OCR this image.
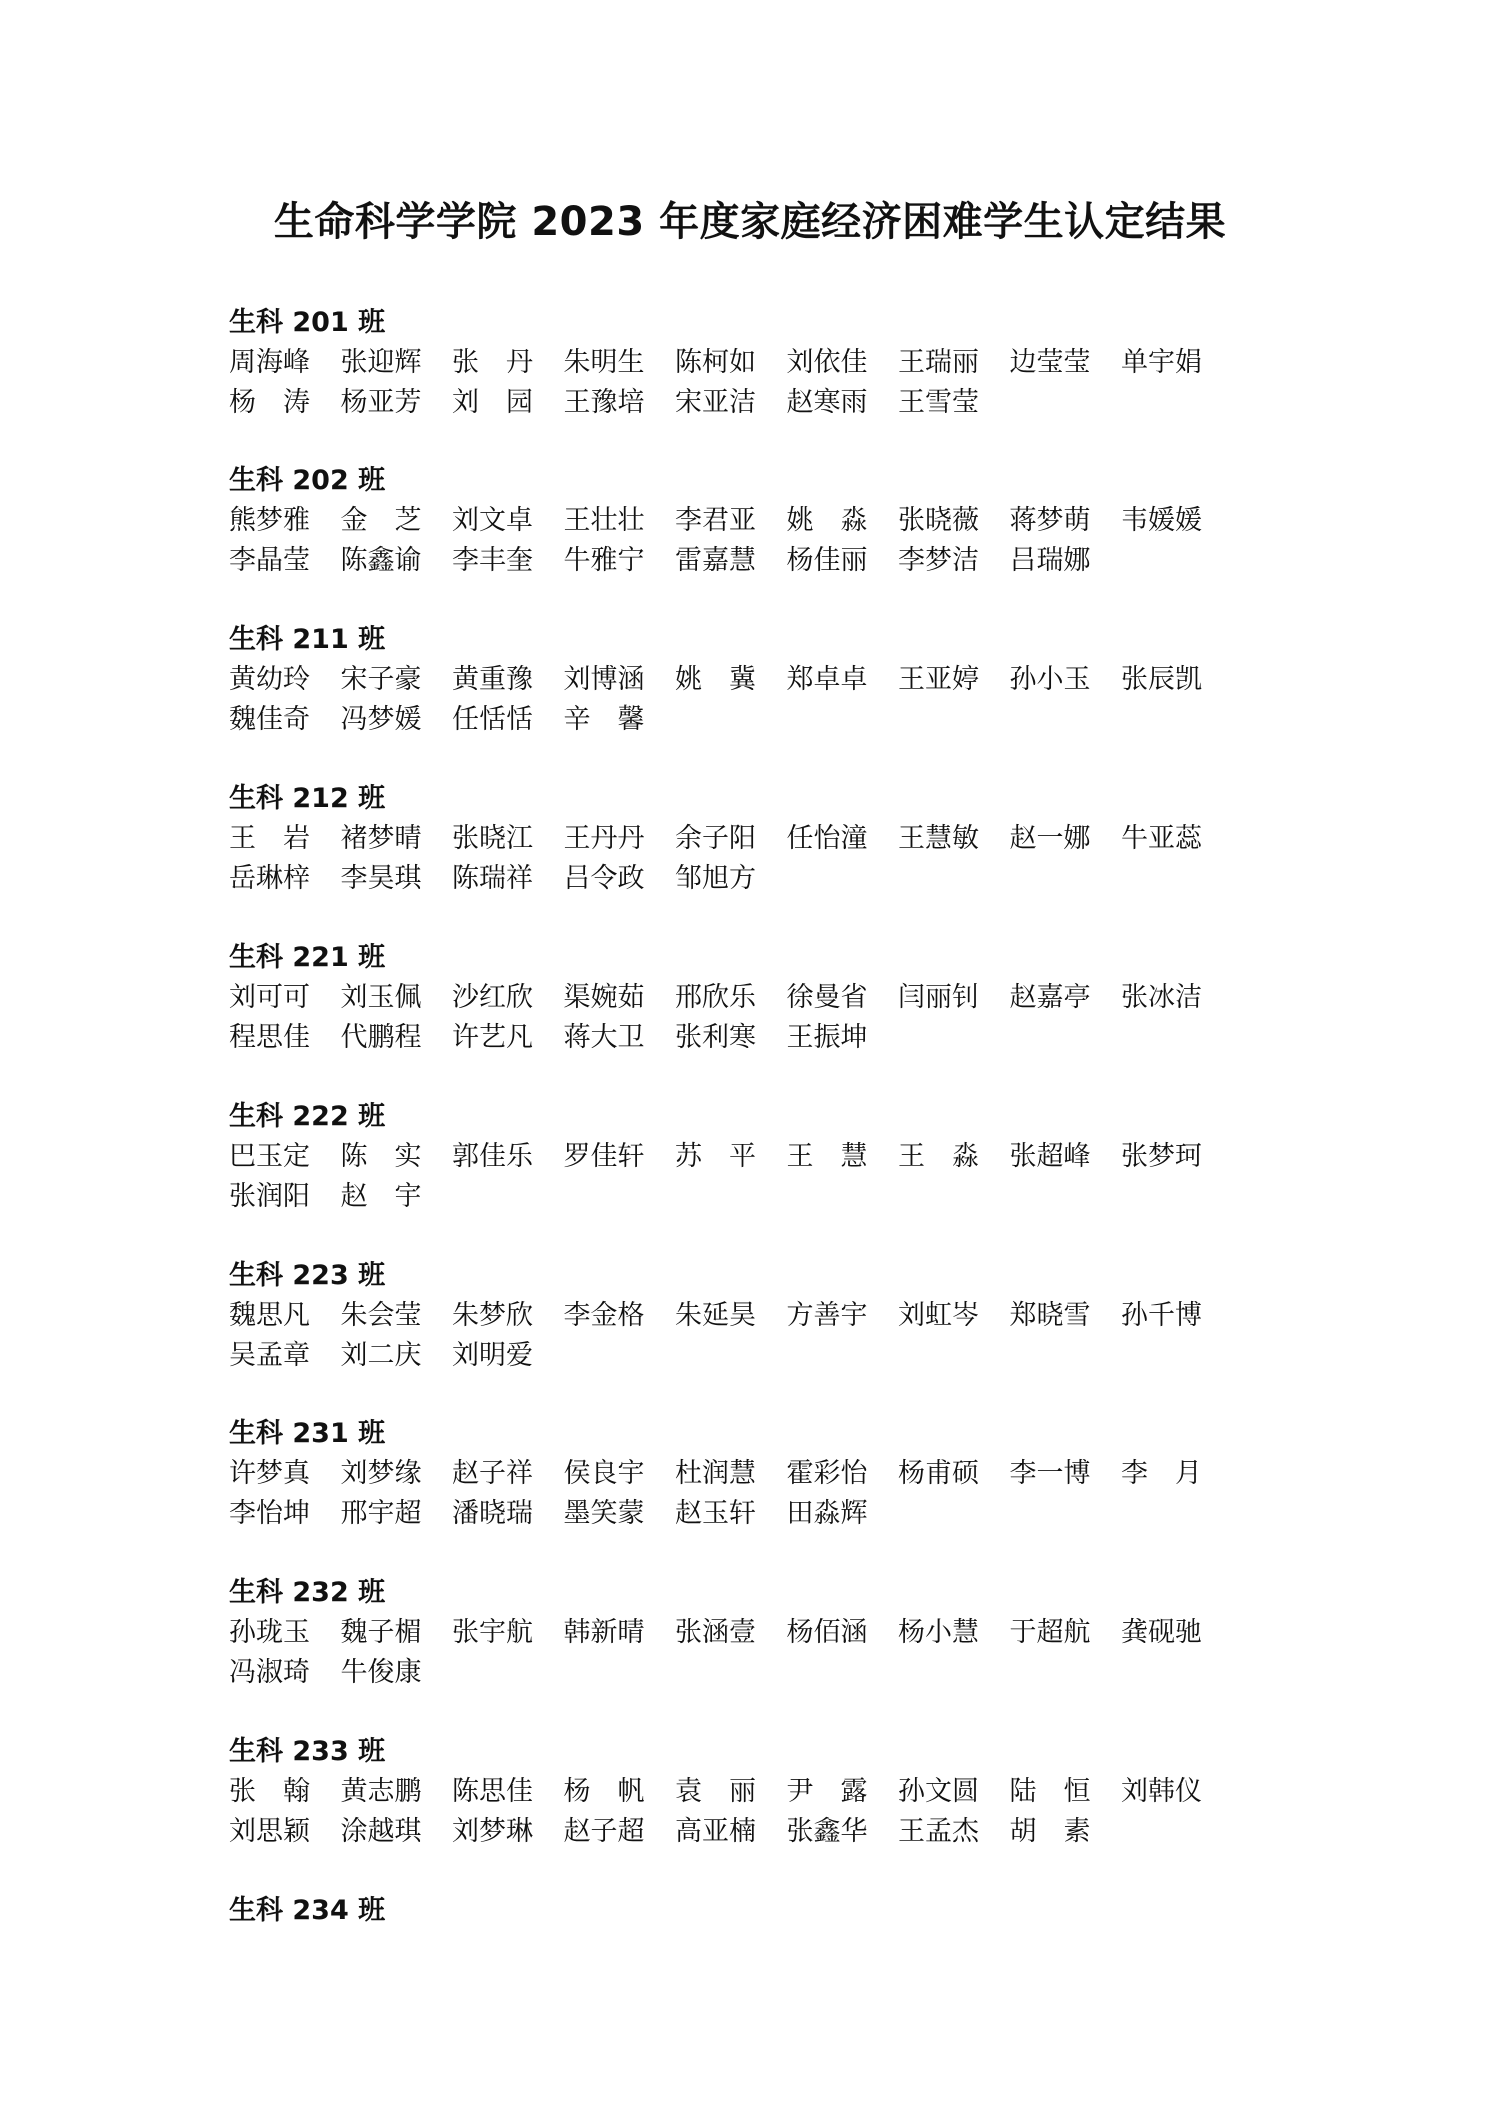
生命科学学院 2023 年度家庭经济困难学生认定结果
生科 201 班
周海峰 张迎辉 张　丹 朱明生 陈柯如 刘依佳 王瑞丽 边莹莹 单宇娟
杨　涛 杨亚芳 刘　园 王豫培 宋亚洁 赵寒雨 王雪莹
生科 202 班
熊梦雅 金　芝 刘文卓 王壮壮 李君亚 姚　淼 张晓薇 蒋梦萌 韦媛媛
李晶莹 陈鑫谕 李丰奎 牛雅宁 雷嘉慧 杨佳丽 李梦洁 吕瑞娜
生科 211 班
黄幼玲 宋子豪 黄重豫 刘博涵 姚　冀 郑卓卓 王亚婷 孙小玉 张辰凯
魏佳奇 冯梦媛 任恬恬 辛　馨
生科 212 班
王　岩 褚梦晴 张晓江 王丹丹 余子阳 任怡潼 王慧敏 赵一娜 牛亚蕊
岳琳梓 李昊琪 陈瑞祥 吕令政 邹旭方
生科 221 班
刘可可 刘玉佩 沙红欣 渠婉茹 邢欣乐 徐曼省 闫丽钊 赵嘉亭 张冰洁
程思佳 代鹏程 许艺凡 蒋大卫 张利寒 王振坤
生科 222 班
巴玉定 陈　实 郭佳乐 罗佳轩 苏　平 王　慧 王　淼 张超峰 张梦珂
张润阳 赵　宇
生科 223 班
魏思凡 朱会莹 朱梦欣 李金格 朱延昊 方善宇 刘虹岑 郑晓雪 孙千博
吴孟章 刘二庆 刘明爱
生科 231 班
许梦真 刘梦缘 赵子祥 侯良宇 杜润慧 霍彩怡 杨甫硕 李一博 李　月
李怡坤 邢宇超 潘晓瑞 墨笑蒙 赵玉轩 田淼辉
生科 232 班
孙珑玉 魏子楣 张宇航 韩新晴 张涵壹 杨佰涵 杨小慧 于超航 龚砚驰
冯淑琦 牛俊康
生科 233 班
张　翰 黄志鹏 陈思佳 杨　帆 袁　丽 尹　露 孙文圆 陆　恒 刘韩仪
刘思颖 涂越琪 刘梦琳 赵子超 高亚楠 张鑫华 王孟杰 胡　素
生科 234 班
